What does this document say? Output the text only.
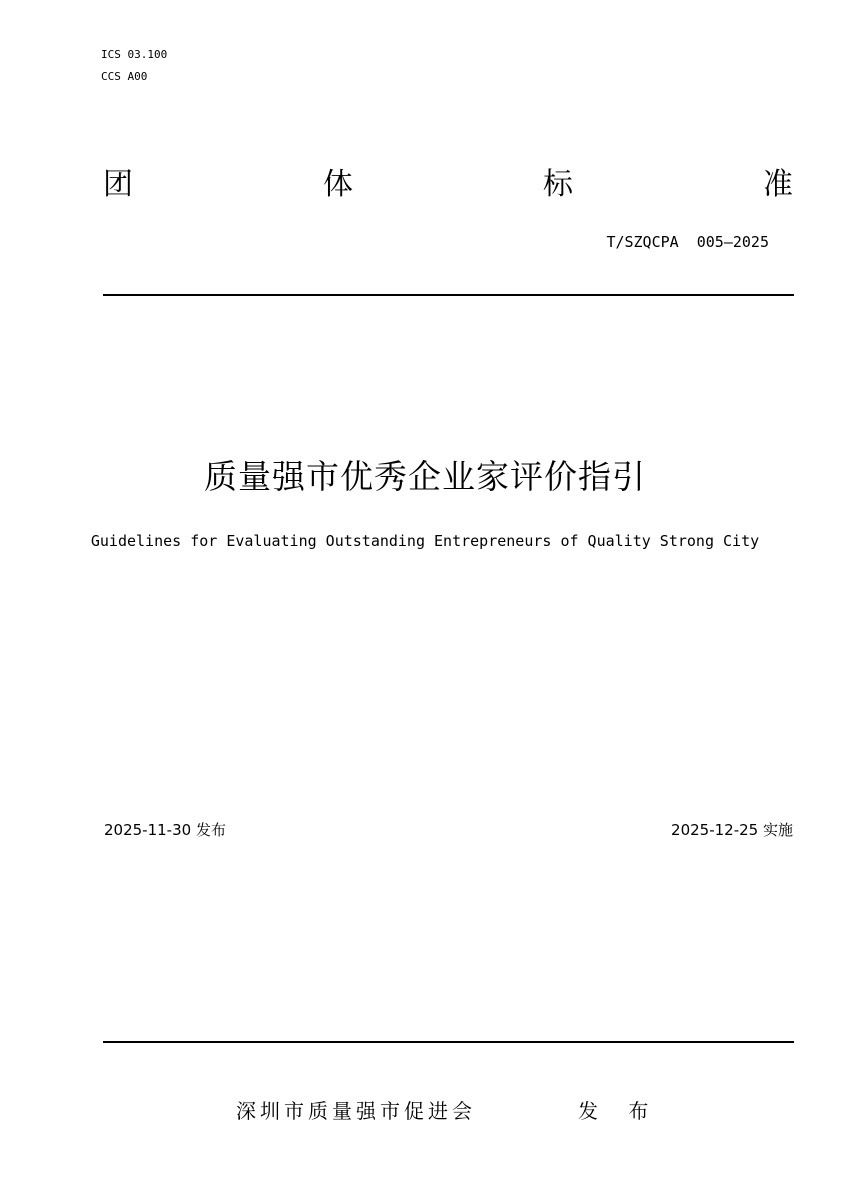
ICS 03.100
CCS A00
团	体	标	准
T/SZQCPA  005—2025
质量强市优秀企业家评价指引
Guidelines for Evaluating Outstanding Entrepreneurs of Quality Strong City
2025-11-30 发布	2025-12-25 实施
深圳市质量强市促进会	发 布
